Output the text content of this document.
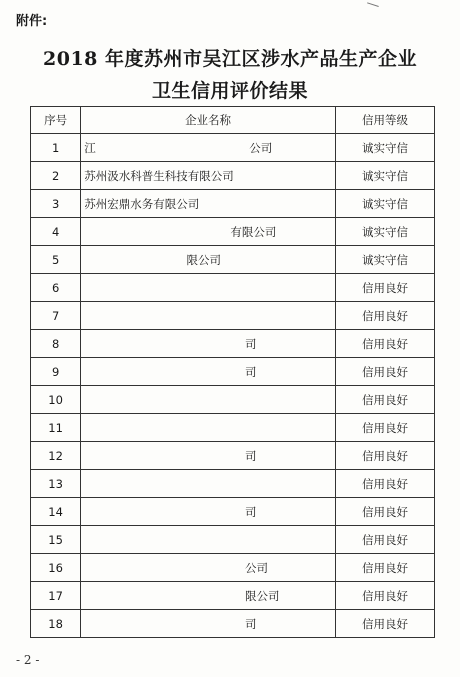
附件:
2018 年度苏州市吴江区涉水产品生产企业
卫生信用评价结果
序号	企业名称	信用等级
1	江                                          公司	诚实守信
2	苏州汲水科普生科技有限公司	诚实守信
3	苏州宏鼎水务有限公司	诚实守信
4	有限公司	诚实守信
5	限公司	诚实守信
6		信用良好
7		信用良好
8	司	信用良好
9	司	信用良好
10		信用良好
11		信用良好
12	司	信用良好
13		信用良好
14	司	信用良好
15		信用良好
16	公司	信用良好
17	限公司	信用良好
18	司	信用良好
- 2 -
